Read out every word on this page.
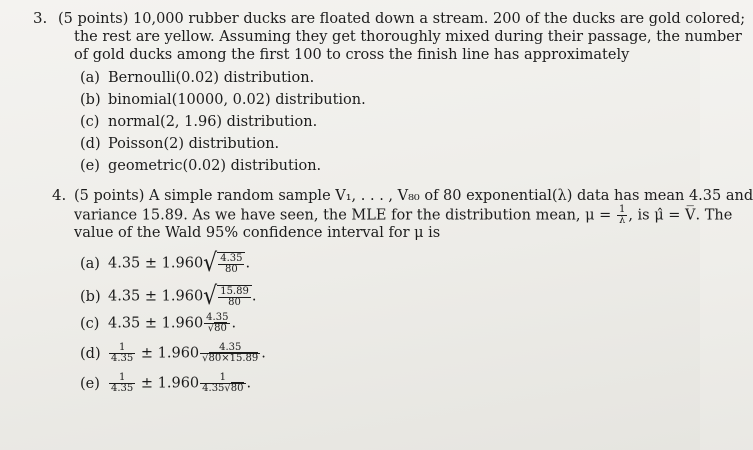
3. (5 points) 10,000 rubber ducks are floated down a stream. 200 of the ducks are gold colored;
the rest are yellow. Assuming they get thoroughly mixed during their passage, the number
of gold ducks among the first 100 to cross the finish line has approximately
(a) Bernoulli(0.02) distribution.
(b) binomial(10000, 0.02) distribution.
(c) normal(2, 1.96) distribution.
(d) Poisson(2) distribution.
(e) geometric(0.02) distribution.
4. (5 points) A simple random sample V₁, . . . , V₈₀ of 80 exponential(λ) data has mean 4.35 and
variance 15.89. As we have seen, the MLE for the distribution mean, $\mu = \frac{1}{\lambda}$ , is μ̂ = V̅. The
value of the Wald 95% confidence interval for μ is
(a) $4.35 \pm 1.960√ \frac{4.35}{80}$ .
(b) $4.35 \pm 1.960√ \frac{15.89}{80}$ .
(c) $4.35 \pm 1.960 \frac{4.35}{√80}$ .
$(d) \frac{1}{4.35} \pm 1.960 \frac{4.35}{√80\times 15.89}$ .
$(e) \frac{1}{4.35} \pm 1.960 \frac{1}{4.35√80}$ .
